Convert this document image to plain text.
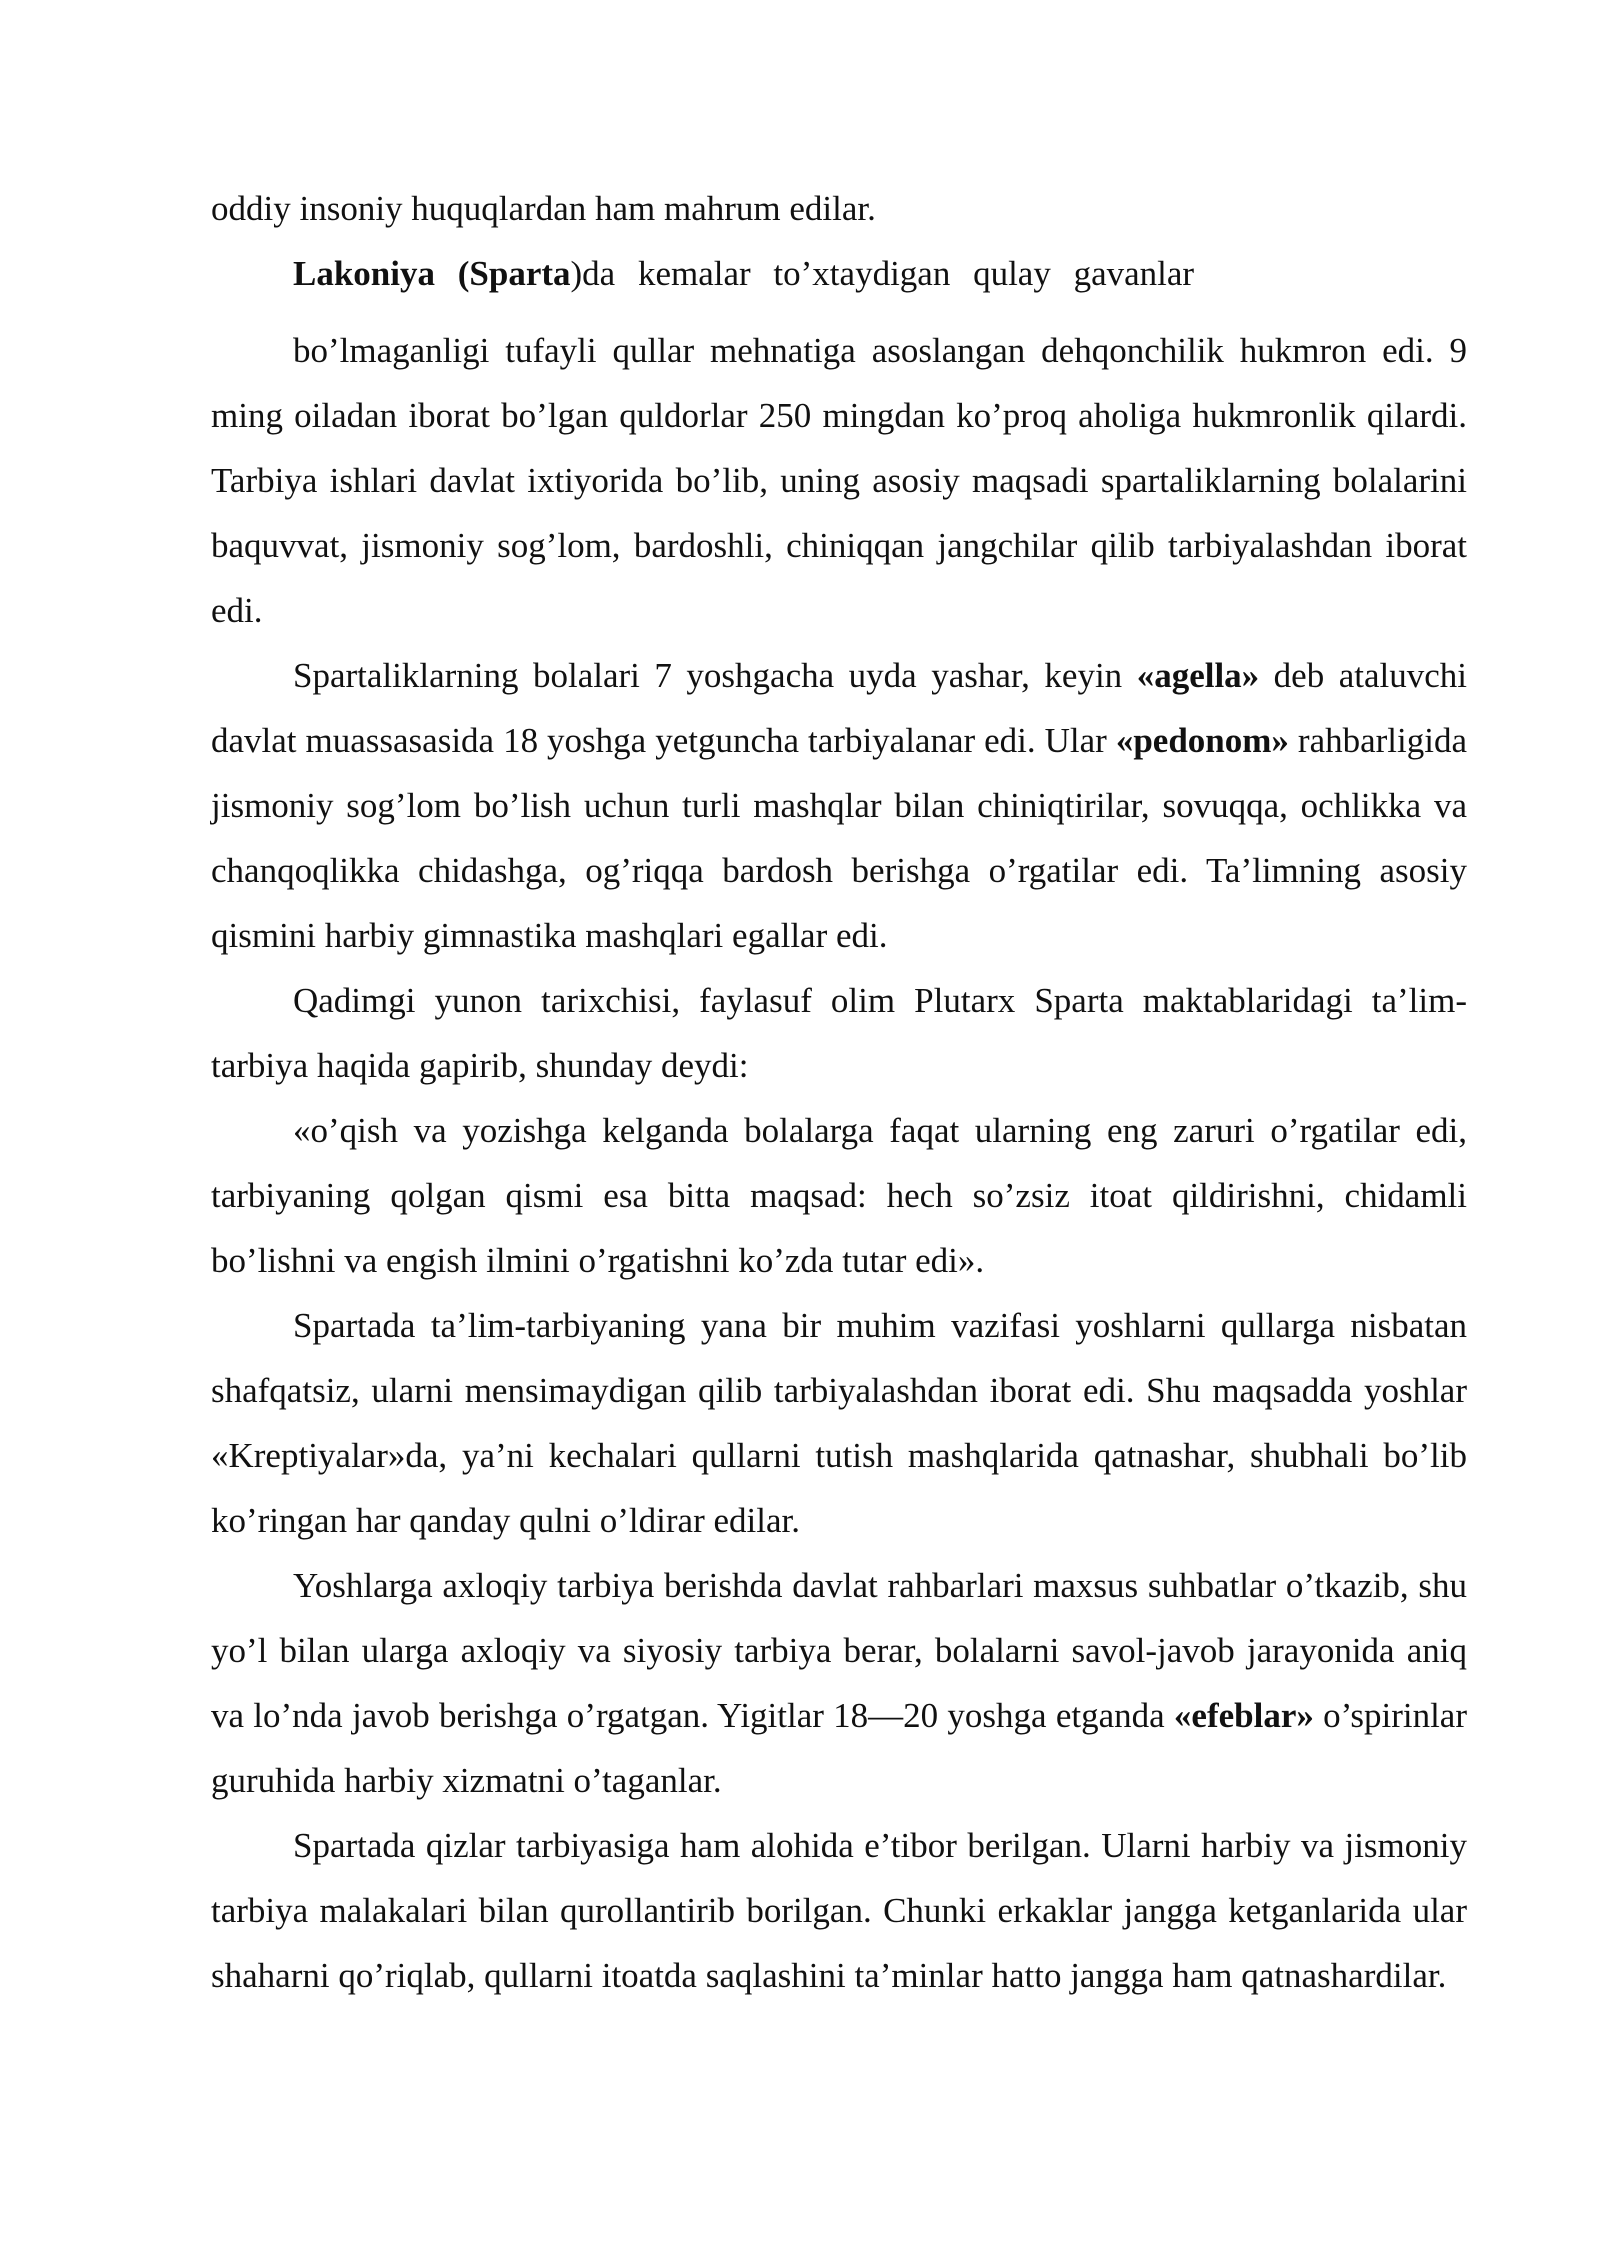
oddiy insoniy huquqlardan ham mahrum edilar.

Lakoniya (Sparta)da kemalar to’xtaydigan qulay gavanlar

bo’lmaganligi tufayli qullar mehnatiga asoslangan dehqonchilik hukmron edi. 9 ming oiladan iborat bo’lgan quldorlar 250 mingdan ko’proq aholiga hukmronlik qilardi. Tarbiya ishlari davlat ixtiyorida bo’lib, uning asosiy maqsadi spartaliklarning bolalarini baquvvat, jismoniy sog’lom, bardoshli, chiniqqan jangchilar qilib tarbiyalashdan iborat edi.

Spartaliklarning bolalari 7 yoshgacha uyda yashar, keyin «agella» deb ataluvchi davlat muassasasida 18 yoshga yetguncha tarbiyalanar edi. Ular «pedonom» rahbarligida jismoniy sog’lom bo’lish uchun turli mashqlar bilan chiniqtirilar, sovuqqa, ochlikka va chanqoqlikka chidashga, og’riqqa bardosh berishga o’rgatilar edi. Ta’limning asosiy qismini harbiy gimnastika mashqlari egallar edi.

Qadimgi yunon tarixchisi, faylasuf olim Plutarx Sparta maktablaridagi ta’lim-tarbiya haqida gapirib, shunday deydi:

«o’qish va yozishga kelganda bolalarga faqat ularning eng zaruri o’rgatilar edi, tarbiyaning qolgan qismi esa bitta maqsad: hech so’zsiz itoat qildirishni, chidamli bo’lishni va engish ilmini o’rgatishni ko’zda tutar edi».

Spartada ta’lim-tarbiyaning yana bir muhim vazifasi yoshlarni qullarga nisbatan shafqatsiz, ularni mensimaydigan qilib tarbiyalashdan iborat edi. Shu maqsadda yoshlar «Kreptiyalar»da, ya’ni kechalari qullarni tutish mashqlarida qatnashar, shubhali bo’lib ko’ringan har qanday qulni o’ldirar edilar.

Yoshlarga axloqiy tarbiya berishda davlat rahbarlari maxsus suhbatlar o’tkazib, shu yo’l bilan ularga axloqiy va siyosiy tarbiya berar, bolalarni savol-javob jarayonida aniq va lo’nda javob berishga o’rgatgan. Yigitlar 18—20 yoshga etganda «efeblar» o’spirinlar guruhida harbiy xizmatni o’taganlar.

Spartada qizlar tarbiyasiga ham alohida e’tibor berilgan. Ularni harbiy va jismoniy tarbiya malakalari bilan qurollantirib borilgan. Chunki erkaklar jangga ketganlarida ular shaharni qo’riqlab, qullarni itoatda saqlashini ta’minlar hatto jangga ham qatnashardilar.
